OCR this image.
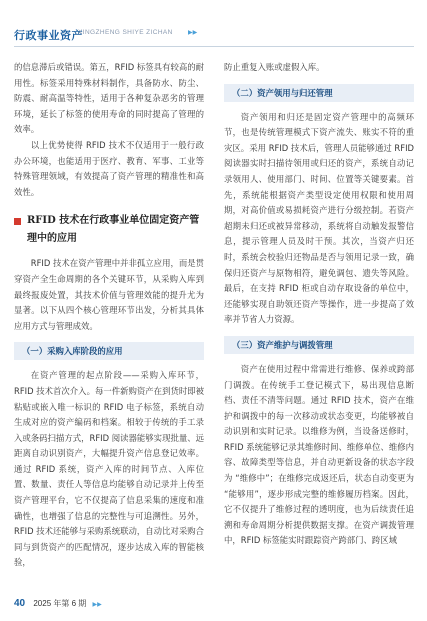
行政事业资产
XINGZHENG SHIYE ZICHAN	▶▶

的信息滞后或错误。第五，RFID 标签具有较高的耐用性。标签采用特殊材料制作，具备防水、防尘、防震、耐高温等特性，适用于各种复杂恶劣的管理环境，延长了标签的使用寿命的同时提高了管理的效率。

以上优势使得 RFID 技术不仅适用于一般行政办公环境，也能适用于医疗、教育、军事、工业等特殊管理领域，有效提高了资产管理的精准性和高效性。

RFID 技术在行政事业单位固定资产管理中的应用

RFID 技术在资产管理中并非孤立应用，而是贯穿资产全生命周期的各个关键环节，从采购入库到最终报废处置，其技术价值与管理效能的提升尤为显著。以下从四个核心管理环节出发，分析其具体应用方式与管理成效。

（一）采购入库阶段的应用

在资产管理的起点阶段——采购入库环节，RFID 技术首次介入。每一件新购资产在到货时即被粘贴或嵌入唯一标识的 RFID 电子标签，系统自动生成对应的资产编码和档案。相较于传统的手工录入或条码扫描方式，RFID 阅读器能够实现批量、远距离自动识别资产，大幅提升资产信息登记效率。通过 RFID 系统，资产入库的时间节点、入库位置、数量、责任人等信息均能够自动记录并上传至资产管理平台，它不仅提高了信息采集的速度和准确性，也增强了信息的完整性与可追溯性。另外，RFID 技术还能够与采购系统联动，自动比对采购合同与到货资产的匹配情况，逐步达成入库的智能核验，

防止重复入账或虚假入库。

（二）资产领用与归还管理

资产领用和归还是固定资产管理中的高频环节，也是传统管理模式下资产流失、账实不符的重灾区。采用 RFID 技术后，管理人员能够通过 RFID 阅读器实时扫描待领用或归还的资产，系统自动记录领用人、使用部门、时间、位置等关键要素。首先，系统能根据资产类型设定使用权限和使用周期，对高价值或易损耗资产进行分级控制。若资产超期未归还或被异常移动，系统将自动触发报警信息，提示管理人员及时干预。其次，当资产归还时，系统会校验归还物品是否与领用记录一致，确保归还资产与原物相符，避免调包、遗失等风险。最后，在支持 RFID 柜或自动存取设备的单位中，还能够实现自助领还资产等操作，进一步提高了效率并节省人力资源。

（三）资产维护与调拨管理

资产在使用过程中常需进行维修、保养或跨部门调拨。在传统手工登记模式下，易出现信息断档、责任不清等问题。通过 RFID 技术，资产在维护和调拨中的每一次移动或状态变更，均能够被自动识别和实时记录。以维修为例，当设备送修时，RFID 系统能够记录其维修时间、维修单位、维修内容、故障类型等信息，并自动更新设备的状态字段为 “维修中”；在维修完成返还后，状态自动变更为 “能够用”，逐步形成完整的维修履历档案。因此，它不仅提升了维修过程的透明度，也为后续责任追溯和寿命周期分析提供数据支撑。在资产调拨管理中，RFID 标签能实时跟踪资产跨部门、跨区域

40 2025 年第 6 期 ▶▶
